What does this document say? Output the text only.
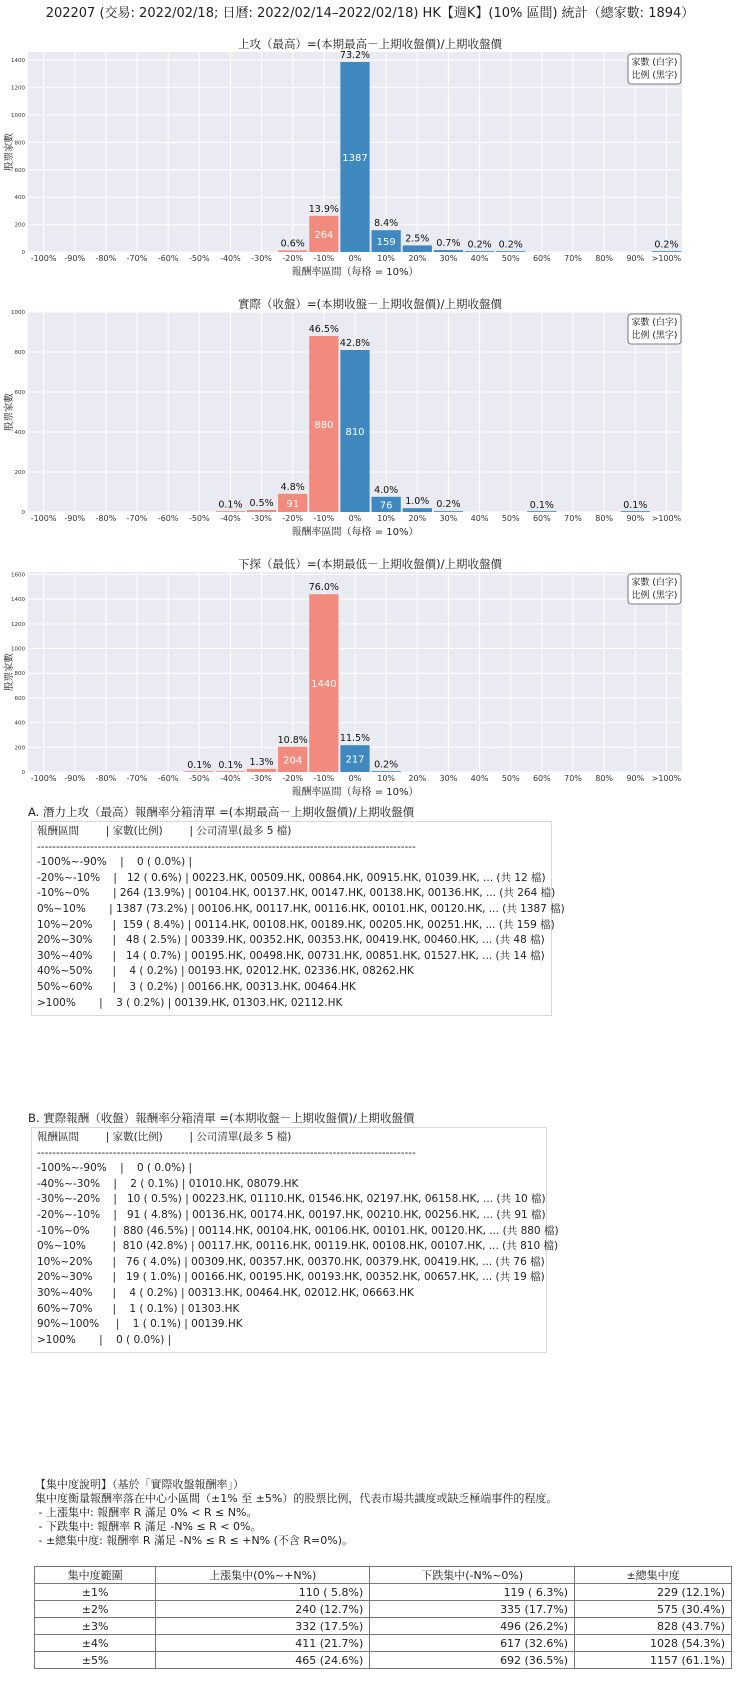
202207 (交易: 2022/02/18; 日曆: 2022/02/14–2022/02/18) HK【週K】(10% 區間) 統計（總家數: 1894）
上攻（最高）=(本期最高－上期收盤價)/上期收盤價
0
200
400
600
800
1000
1200
1400
-100% -90% -80% -70% -60% -50% -40% -30% -20% -10% 0% 10% 20% 30% 40% 50% 60% 70% 80% 90% >100%
報酬率區間（每格 = 10%）
股票家數
0.6%
13.9%
264
73.2%
1387
8.4%
159 2.5% 0.7% 0.2% 0.2%	0.2%
家數 (白字)
比例 (黑字)
實際（收盤）=(本期收盤－上期收盤價)/上期收盤價
0
200
400
600
800
1000
-100% -90% -80% -70% -60% -50% -40% -30% -20% -10% 0% 10% 20% 30% 40% 50% 60% 70% 80% 90% >100%
報酬率區間（每格 = 10%）
股票家數
0.1% 0.5%
4.8%
91
46.5%
880
42.8%
810
4.0%
76 1.0% 0.2%	0.1%	0.1%
家數 (白字)
比例 (黑字)
下探（最低）=(本期最低－上期收盤價)/上期收盤價
0
200
400
600
800
1000
1200
1400
1600
-100% -90% -80% -70% -60% -50% -40% -30% -20% -10% 0% 10% 20% 30% 40% 50% 60% 70% 80% 90% >100%
報酬率區間（每格 = 10%）
股票家數
0.1% 0.1% 1.3%
10.8%
204
76.0%
1440
11.5%
217 0.2%
家數 (白字)
比例 (黑字)
A. 潛力上攻（最高）報酬率分箱清單 =(本期最高－上期收盤價)/上期收盤價
報酬區間        | 家數(比例)        | 公司清單(最多 5 檔)
----------------------------------------------------------------------------------------------------
-100%~-90%    |    0 ( 0.0%) |
-20%~-10%    |   12 ( 0.6%) | 00223.HK, 00509.HK, 00864.HK, 00915.HK, 01039.HK, ... (共 12 檔)
-10%~0%       | 264 (13.9%) | 00104.HK, 00137.HK, 00147.HK, 00138.HK, 00136.HK, ... (共 264 檔)
0%~10%       | 1387 (73.2%) | 00106.HK, 00117.HK, 00116.HK, 00101.HK, 00120.HK, ... (共 1387 檔)
10%~20%      |  159 ( 8.4%) | 00114.HK, 00108.HK, 00189.HK, 00205.HK, 00251.HK, ... (共 159 檔)
20%~30%      |   48 ( 2.5%) | 00339.HK, 00352.HK, 00353.HK, 00419.HK, 00460.HK, ... (共 48 檔)
30%~40%      |   14 ( 0.7%) | 00195.HK, 00498.HK, 00731.HK, 00851.HK, 01527.HK, ... (共 14 檔)
40%~50%      |    4 ( 0.2%) | 00193.HK, 02012.HK, 02336.HK, 08262.HK
50%~60%      |    3 ( 0.2%) | 00166.HK, 00313.HK, 00464.HK
>100%       |    3 ( 0.2%) | 00139.HK, 01303.HK, 02112.HK
B. 實際報酬（收盤）報酬率分箱清單 =(本期收盤－上期收盤價)/上期收盤價
報酬區間        | 家數(比例)        | 公司清單(最多 5 檔)
----------------------------------------------------------------------------------------------------
-100%~-90%    |    0 ( 0.0%) |
-40%~-30%    |    2 ( 0.1%) | 01010.HK, 08079.HK
-30%~-20%    |   10 ( 0.5%) | 00223.HK, 01110.HK, 01546.HK, 02197.HK, 06158.HK, ... (共 10 檔)
-20%~-10%    |   91 ( 4.8%) | 00136.HK, 00174.HK, 00197.HK, 00210.HK, 00256.HK, ... (共 91 檔)
-10%~0%       |  880 (46.5%) | 00114.HK, 00104.HK, 00106.HK, 00101.HK, 00120.HK, ... (共 880 檔)
0%~10%        |  810 (42.8%) | 00117.HK, 00116.HK, 00119.HK, 00108.HK, 00107.HK, ... (共 810 檔)
10%~20%      |   76 ( 4.0%) | 00309.HK, 00357.HK, 00370.HK, 00379.HK, 00419.HK, ... (共 76 檔)
20%~30%      |   19 ( 1.0%) | 00166.HK, 00195.HK, 00193.HK, 00352.HK, 00657.HK, ... (共 19 檔)
30%~40%      |    4 ( 0.2%) | 00313.HK, 00464.HK, 02012.HK, 06663.HK
60%~70%      |    1 ( 0.1%) | 01303.HK
90%~100%     |    1 ( 0.1%) | 00139.HK
>100%       |    0 ( 0.0%) |
【集中度說明】（基於「實際收盤報酬率」）
集中度衡量報酬率落在中心小區間（±1% 至 ±5%）的股票比例，代表市場共識度或缺乏極端事件的程度。
- 上漲集中: 報酬率 R 滿足 0% < R ≤ N%。
- 下跌集中: 報酬率 R 滿足 -N% ≤ R < 0%。
- ±總集中度: 報酬率 R 滿足 -N% ≤ R ≤ +N% (不含 R=0%)。
集中度範圍	上漲集中(0%~+N%)	下跌集中(-N%~0%)	±總集中度
±1%	110 ( 5.8%)	119 ( 6.3%)	229 (12.1%)
±2%	240 (12.7%)	335 (17.7%)	575 (30.4%)
±3%	332 (17.5%)	496 (26.2%)	828 (43.7%)
±4%	411 (21.7%)	617 (32.6%)	1028 (54.3%)
±5%	465 (24.6%)	692 (36.5%)	1157 (61.1%)
